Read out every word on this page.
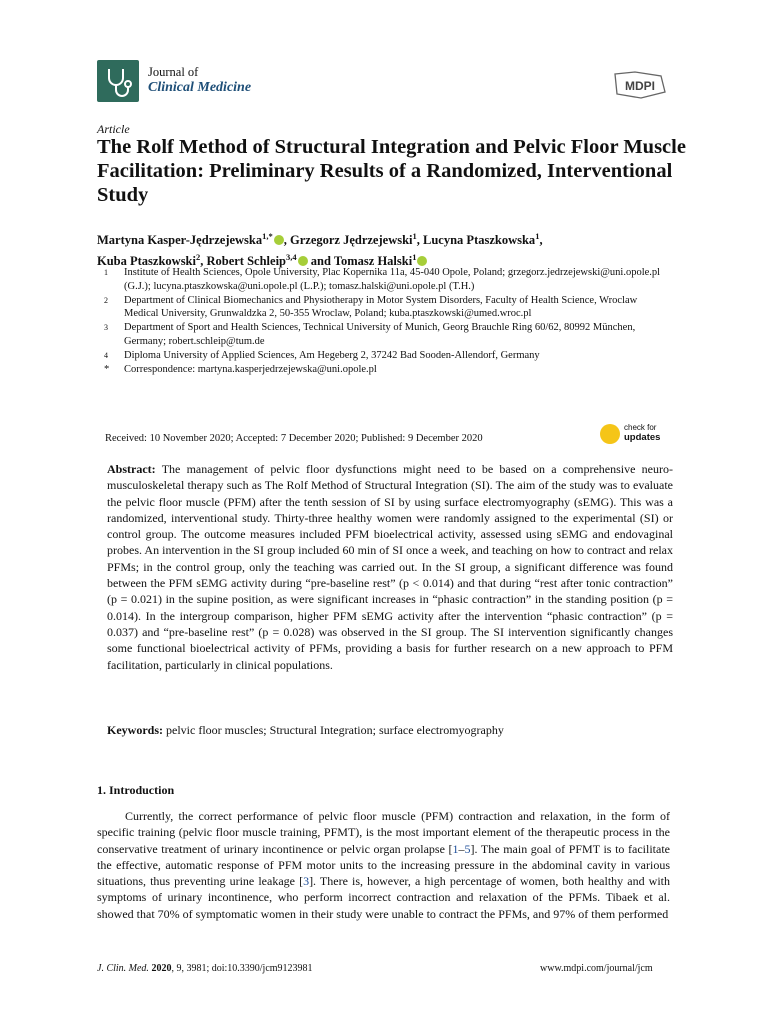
Journal of
Clinical Medicine	MDPI
Article
The Rolf Method of Structural Integration and Pelvic Floor Muscle Facilitation: Preliminary Results of a Randomized, Interventional Study
Martyna Kasper-Jędrzejewska$^{1,*}$ , Grzegorz Jędrzejewski$^1$, Lucyna Ptaszkowska$^1$,
Kuba Ptaszkowski$^2$, Robert Schleip$^{3,4}$ and Tomasz Halski$^1$
1	Institute of Health Sciences, Opole University, Plac Kopernika 11a, 45-040 Opole, Poland; grzegorz.jedrzejewski@uni.opole.pl (G.J.); lucyna.ptaszkowska@uni.opole.pl (L.P.); tomasz.halski@uni.opole.pl (T.H.)
2	Department of Clinical Biomechanics and Physiotherapy in Motor System Disorders, Faculty of Health Science, Wroclaw Medical University, Grunwaldzka 2, 50-355 Wroclaw, Poland; kuba.ptaszkowski@umed.wroc.pl
3	Department of Sport and Health Sciences, Technical University of Munich, Georg Brauchle Ring 60/62, 80992 München, Germany; robert.schleip@tum.de
4	Diploma University of Applied Sciences, Am Hegeberg 2, 37242 Bad Sooden-Allendorf, Germany
*	Correspondence: martyna.kasperjedrzejewska@uni.opole.pl
Received: 10 November 2020; Accepted: 7 December 2020; Published: 9 December 2020
check for
updates
Abstract: The management of pelvic floor dysfunctions might need to be based on a comprehensive neuro-musculoskeletal therapy such as The Rolf Method of Structural Integration (SI). The aim of the study was to evaluate the pelvic floor muscle (PFM) after the tenth session of SI by using surface electromyography (sEMG). This was a randomized, interventional study. Thirty-three healthy women were randomly assigned to the experimental (SI) or control group. The outcome measures included PFM bioelectrical activity, assessed using sEMG and endovaginal probes. An intervention in the SI group included 60 min of SI once a week, and teaching on how to contract and relax PFMs; in the control group, only the teaching was carried out. In the SI group, a significant difference was found between the PFM sEMG activity during “pre-baseline rest” (p < 0.014) and that during “rest after tonic contraction” (p = 0.021) in the supine position, as were significant increases in “phasic contraction” in the standing position (p = 0.014). In the intergroup comparison, higher PFM sEMG activity after the intervention “phasic contraction” (p = 0.037) and “pre-baseline rest” (p = 0.028) was observed in the SI group. The SI intervention significantly changes some functional bioelectrical activity of PFMs, providing a basis for further research on a new approach to PFM facilitation, particularly in clinical populations.
Keywords: pelvic floor muscles; Structural Integration; surface electromyography
1. Introduction
Currently, the correct performance of pelvic floor muscle (PFM) contraction and relaxation, in the form of specific training (pelvic floor muscle training, PFMT), is the most important element of the therapeutic process in the conservative treatment of urinary incontinence or pelvic organ prolapse [1–5]. The main goal of PFMT is to facilitate the effective, automatic response of PFM motor units to the increasing pressure in the abdominal cavity in various situations, thus preventing urine leakage [3]. There is, however, a high percentage of women, both healthy and with symptoms of urinary incontinence, who perform incorrect contraction and relaxation of the PFMs. Tibaek et al. showed that 70% of symptomatic women in their study were unable to contract the PFMs, and 97% of them performed
J. Clin. Med. 2020, 9, 3981; doi:10.3390/jcm9123981	www.mdpi.com/journal/jcm
